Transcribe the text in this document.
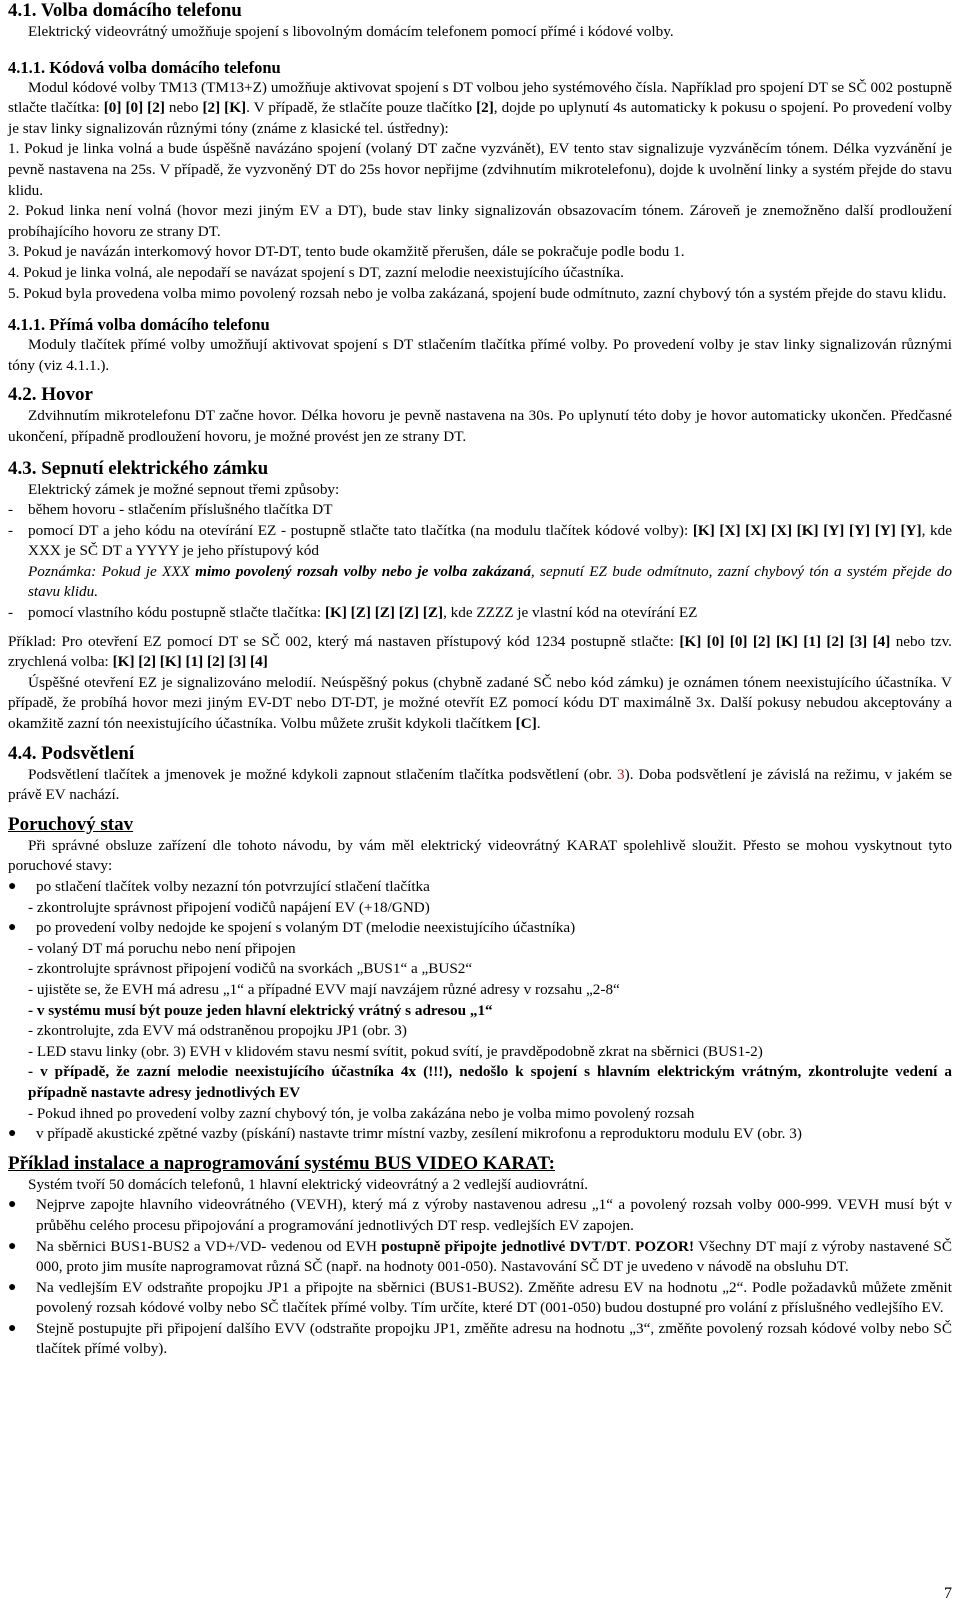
4.1. Volba domácího telefonu

Elektrický videovrátný umožňuje spojení s libovolným domácím telefonem pomocí přímé i kódové volby.

4.1.1. Kódová volba domácího telefonu

Modul kódové volby TM13 (TM13+Z) umožňuje aktivovat spojení s DT volbou jeho systémového čísla. Například pro spojení DT se SČ 002 postupně stlačte tlačítka: [0] [0] [2] nebo [2] [K]. V případě, že stlačíte pouze tlačítko [2], dojde po uplynutí 4s automaticky k pokusu o spojení. Po provedení volby je stav linky signalizován různými tóny (známe z klasické tel. ústředny):

1. Pokud je linka volná a bude úspěšně navázáno spojení (volaný DT začne vyzvánět), EV tento stav signalizuje vyzváněcím tónem. Délka vyzvánění je pevně nastavena na 25s. V případě, že vyzvoněný DT do 25s hovor nepřijme (zdvihnutím mikrotelefonu), dojde k uvolnění linky a systém přejde do stavu klidu.

2. Pokud linka není volná (hovor mezi jiným EV a DT), bude stav linky signalizován obsazovacím tónem. Zároveň je znemožněno další prodloužení probíhajícího hovoru ze strany DT.

3. Pokud je navázán interkomový hovor DT-DT, tento bude okamžitě přerušen, dále se pokračuje podle bodu 1.

4. Pokud je linka volná, ale nepodaří se navázat spojení s DT, zazní melodie neexistujícího účastníka.

5. Pokud byla provedena volba mimo povolený rozsah nebo je volba zakázaná, spojení bude odmítnuto, zazní chybový tón a systém přejde do stavu klidu.

4.1.1. Přímá volba domácího telefonu

Moduly tlačítek přímé volby umožňují aktivovat spojení s DT stlačením tlačítka přímé volby. Po provedení volby je stav linky signalizován různými tóny (viz 4.1.1.).

4.2. Hovor

Zdvihnutím mikrotelefonu DT začne hovor. Délka hovoru je pevně nastavena na 30s. Po uplynutí této doby je hovor automaticky ukončen. Předčasné ukončení, případně prodloužení hovoru, je možné provést jen ze strany DT.

4.3. Sepnutí elektrického zámku

Elektrický zámek je možné sepnout třemi způsoby:

- během hovoru - stlačením příslušného tlačítka DT
- pomocí DT a jeho kódu na otevírání EZ - postupně stlačte tato tlačítka (na modulu tlačítek kódové volby): [K] [X] [X] [X] [K] [Y] [Y] [Y] [Y], kde XXX je SČ DT a YYYY je jeho přístupový kód

Poznámka: Pokud je XXX mimo povolený rozsah volby nebo je volba zakázaná, sepnutí EZ bude odmítnuto, zazní chybový tón a systém přejde do stavu klidu.

- pomocí vlastního kódu postupně stlačte tlačítka: [K] [Z] [Z] [Z] [Z], kde ZZZZ je vlastní kód na otevírání EZ

Příklad: Pro otevření EZ pomocí DT se SČ 002, který má nastaven přístupový kód 1234 postupně stlačte: [K] [0] [0] [2] [K] [1] [2] [3] [4] nebo tzv. zrychlená volba: [K] [2] [K] [1] [2] [3] [4]

Úspěšné otevření EZ je signalizováno melodií. Neúspěšný pokus (chybně zadané SČ nebo kód zámku) je oznámen tónem neexistujícího účastníka. V případě, že probíhá hovor mezi jiným EV-DT nebo DT-DT, je možné otevřít EZ pomocí kódu DT maximálně 3x. Další pokusy nebudou akceptovány a okamžitě zazní tón neexistujícího účastníka. Volbu můžete zrušit kdykoli tlačítkem [C].

4.4. Podsvětlení

Podsvětlení tlačítek a jmenovek je možné kdykoli zapnout stlačením tlačítka podsvětlení (obr. 3). Doba podsvětlení je závislá na režimu, v jakém se právě EV nachází.

Poruchový stav

Při správné obsluze zařízení dle tohoto návodu, by vám měl elektrický videovrátný KARAT spolehlivě sloužit. Přesto se mohou vyskytnout tyto poruchové stavy:

●	po stlačení tlačítek volby nezazní tón potvrzující stlačení tlačítka

- zkontrolujte správnost připojení vodičů napájení EV (+18/GND)

●	po provedení volby nedojde ke spojení s volaným DT (melodie neexistujícího účastníka)

- volaný DT má poruchu nebo není připojen

- zkontrolujte správnost připojení vodičů na svorkách „BUS1“ a „BUS2“

- ujistěte se, že EVH má adresu „1“ a případné EVV mají navzájem různé adresy v rozsahu „2-8“

- v systému musí být pouze jeden hlavní elektrický vrátný s adresou „1“

- zkontrolujte, zda EVV má odstraněnou propojku JP1 (obr. 3)

- LED stavu linky (obr. 3) EVH v klidovém stavu nesmí svítit, pokud svítí, je pravděpodobně zkrat na sběrnici (BUS1-2)

- v případě, že zazní melodie neexistujícího účastníka 4x (!!!), nedošlo k spojení s hlavním elektrickým vrátným, zkontrolujte vedení a případně nastavte adresy jednotlivých EV

- Pokud ihned po provedení volby zazní chybový tón, je volba zakázána nebo je volba mimo povolený rozsah

●	v případě akustické zpětné vazby (pískání) nastavte trimr místní vazby, zesílení mikrofonu a reproduktoru modulu EV (obr. 3)
Příklad instalace a naprogramování systému BUS VIDEO KARAT:

Systém tvoří 50 domácích telefonů, 1 hlavní elektrický videovrátný a 2 vedlejší audiovrátní.

●	Nejprve zapojte hlavního videovrátného (VEVH), který má z výroby nastavenou adresu „1“ a povolený rozsah volby 000-999. VEVH musí být v průběhu celého procesu připojování a programování jednotlivých DT resp. vedlejších EV zapojen.
●	Na sběrnici BUS1-BUS2 a VD+/VD- vedenou od EVH postupně připojte jednotlivé DVT/DT. POZOR! Všechny DT mají z výroby nastavené SČ 000, proto jim musíte naprogramovat různá SČ (např. na hodnoty 001-050). Nastavování SČ DT je uvedeno v návodě na obsluhu DT.
●	Na vedlejším EV odstraňte propojku JP1 a připojte na sběrnici (BUS1-BUS2). Změňte adresu EV na hodnotu „2“. Podle požadavků můžete změnit povolený rozsah kódové volby nebo SČ tlačítek přímé volby. Tím určíte, které DT (001-050) budou dostupné pro volání z příslušného vedlejšího EV.
●	Stejně postupujte při připojení dalšího EVV (odstraňte propojku JP1, změňte adresu na hodnotu „3“, změňte povolený rozsah kódové volby nebo SČ tlačítek přímé volby).
7
